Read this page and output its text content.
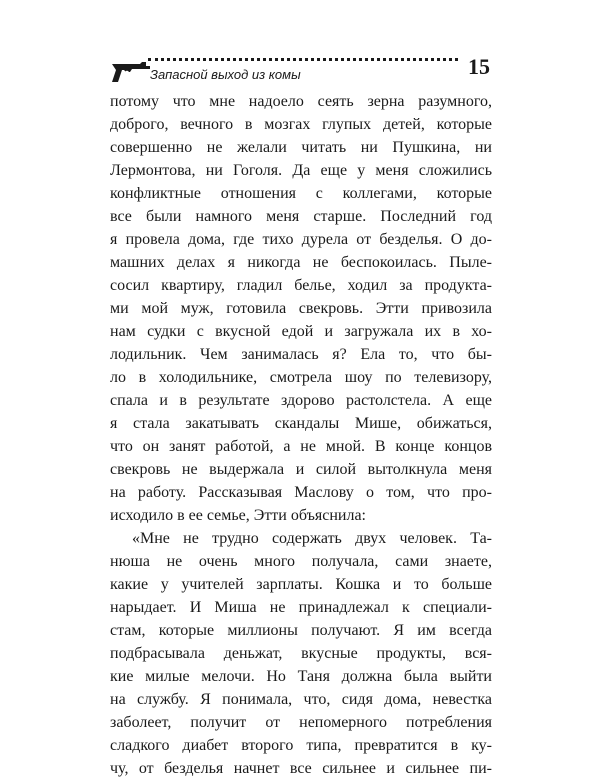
Запасной выход из комы	15
потому что мне надоело сеять зерна разумного,
доброго, вечного в мозгах глупых детей, которые
совершенно не желали читать ни Пушкина, ни
Лермонтова, ни Гоголя. Да еще у меня сложились
конфликтные отношения с коллегами, которые
все были намного меня старше. Последний год
я провела дома, где тихо дурела от безделья. О до-
машних делах я никогда не беспокоилась. Пыле-
сосил квартиру, гладил белье, ходил за продукта-
ми мой муж, готовила свекровь. Этти привозила
нам судки с вкусной едой и загружала их в хо-
лодильник. Чем занималась я? Ела то, что бы-
ло в холодильнике, смотрела шоу по телевизору,
спала и в результате здорово растолстела. А еще
я стала закатывать скандалы Мише, обижаться,
что он занят работой, а не мной. В конце концов
свекровь не выдержала и силой вытолкнула меня
на работу. Рассказывая Маслову о том, что про-
исходило в ее семье, Этти объяснила:
«Мне не трудно содержать двух человек. Та-
нюша не очень много получала, сами знаете,
какие у учителей зарплаты. Кошка и то больше
нарыдает. И Миша не принадлежал к специали-
стам, которые миллионы получают. Я им всегда
подбрасывала деньжат, вкусные продукты, вся-
кие милые мелочи. Но Таня должна была выйти
на службу. Я понимала, что, сидя дома, невестка
заболеет, получит от непомерного потребления
сладкого диабет второго типа, превратится в ку-
чу, от безделья начнет все сильнее и сильнее пи-
